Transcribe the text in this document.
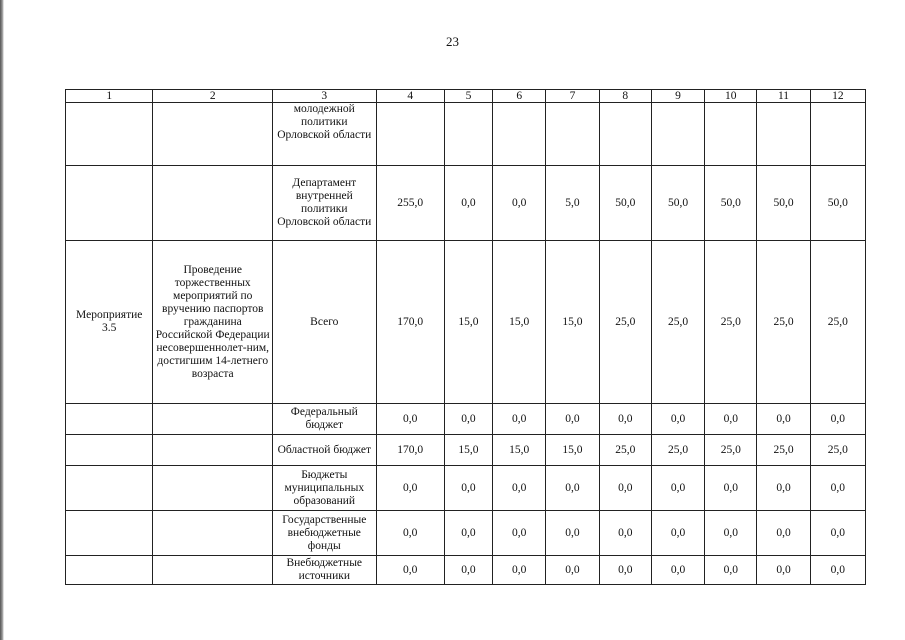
23
1	2	3	4	5	6	7	8	9	10	11	12
		молодежной политики Орловской области									
		Департамент внутренней политики Орловской области	255,0	0,0	0,0	5,0	50,0	50,0	50,0	50,0	50,0
Мероприятие 3.5	Проведение торжественных мероприятий по вручению паспортов гражданина Российской Федерации несовершеннолет-ним, достигшим 14-летнего возраста	Всего	170,0	15,0	15,0	15,0	25,0	25,0	25,0	25,0	25,0
		Федеральный бюджет	0,0	0,0	0,0	0,0	0,0	0,0	0,0	0,0	0,0
		Областной бюджет	170,0	15,0	15,0	15,0	25,0	25,0	25,0	25,0	25,0
		Бюджеты муниципальных образований	0,0	0,0	0,0	0,0	0,0	0,0	0,0	0,0	0,0
		Государственные внебюджетные фонды	0,0	0,0	0,0	0,0	0,0	0,0	0,0	0,0	0,0
		Внебюджетные источники	0,0	0,0	0,0	0,0	0,0	0,0	0,0	0,0	0,0
